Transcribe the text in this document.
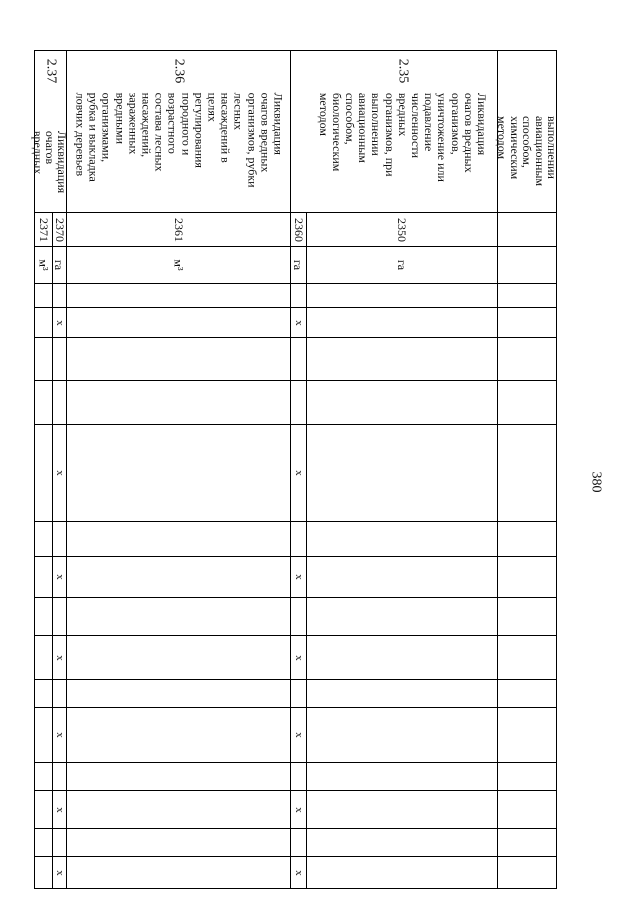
380
2.37
Ликвидация
очагов вредных
2370
2371
га
м³
2.36
Ликвидация
очагов вредных
организмов, рубки
лесных
насаждений в
целях
регулирования
породного и
возрастного
состава лесных
насаждений,
зараженных
вредными
организмами,
рубка и выкладка
ловчих деревьев
2360
2361
га
м³
2.35
Ликвидация
очагов вредных
организмов,
уничтожение или
подавление
численности
вредных
организмов, при
выполнении
авиационным
способом,
биологическим
методом
2350
га
выполнении
авиационным
способом,
химическим
методом
x
x
x
x
x
x
x
x
x
x
x
x
x
x
